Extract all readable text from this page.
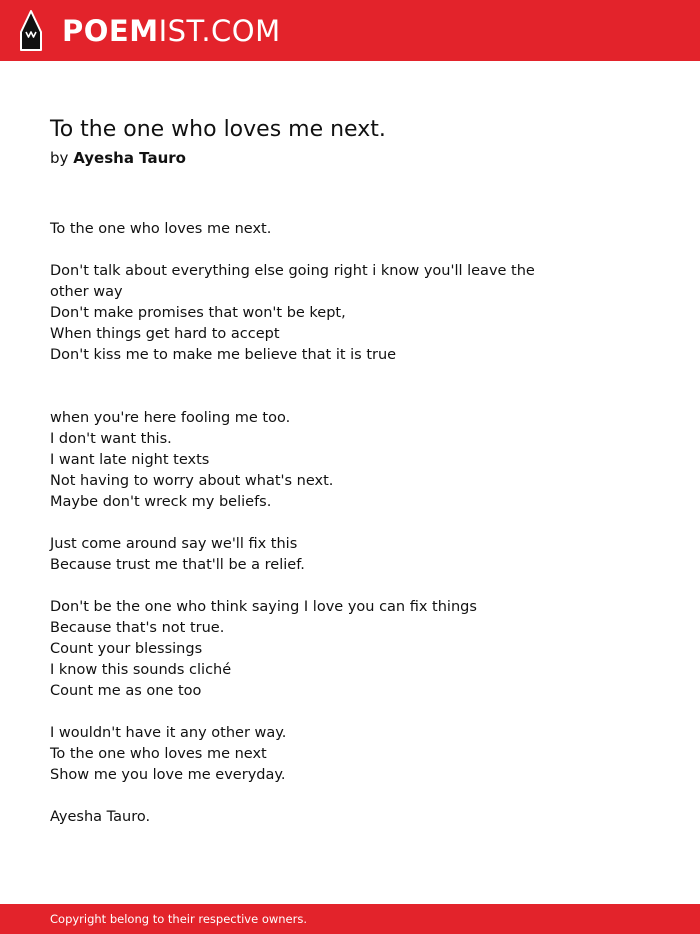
POEMIST.COM
To the one who loves me next.
by Ayesha Tauro
To the one who loves me next.
Don't talk about everything else going right i know you'll leave the other way
Don't make promises that won't be kept,
When things get hard to accept
Don't kiss me to make me believe that it is true
when you're here fooling me too.
I don't want this.
I want late night texts
Not having to worry about what's next.
Maybe don't wreck my beliefs.
Just come around say we'll fix this
Because trust me that'll be a relief.
Don't be the one who think saying I love you can fix things
Because that's not true.
Count your blessings
I know this sounds cliché
Count me as one too
I wouldn't have it any other way.
To the one who loves me next
Show me you love me everyday.
Ayesha Tauro.
Copyright belong to their respective owners.
